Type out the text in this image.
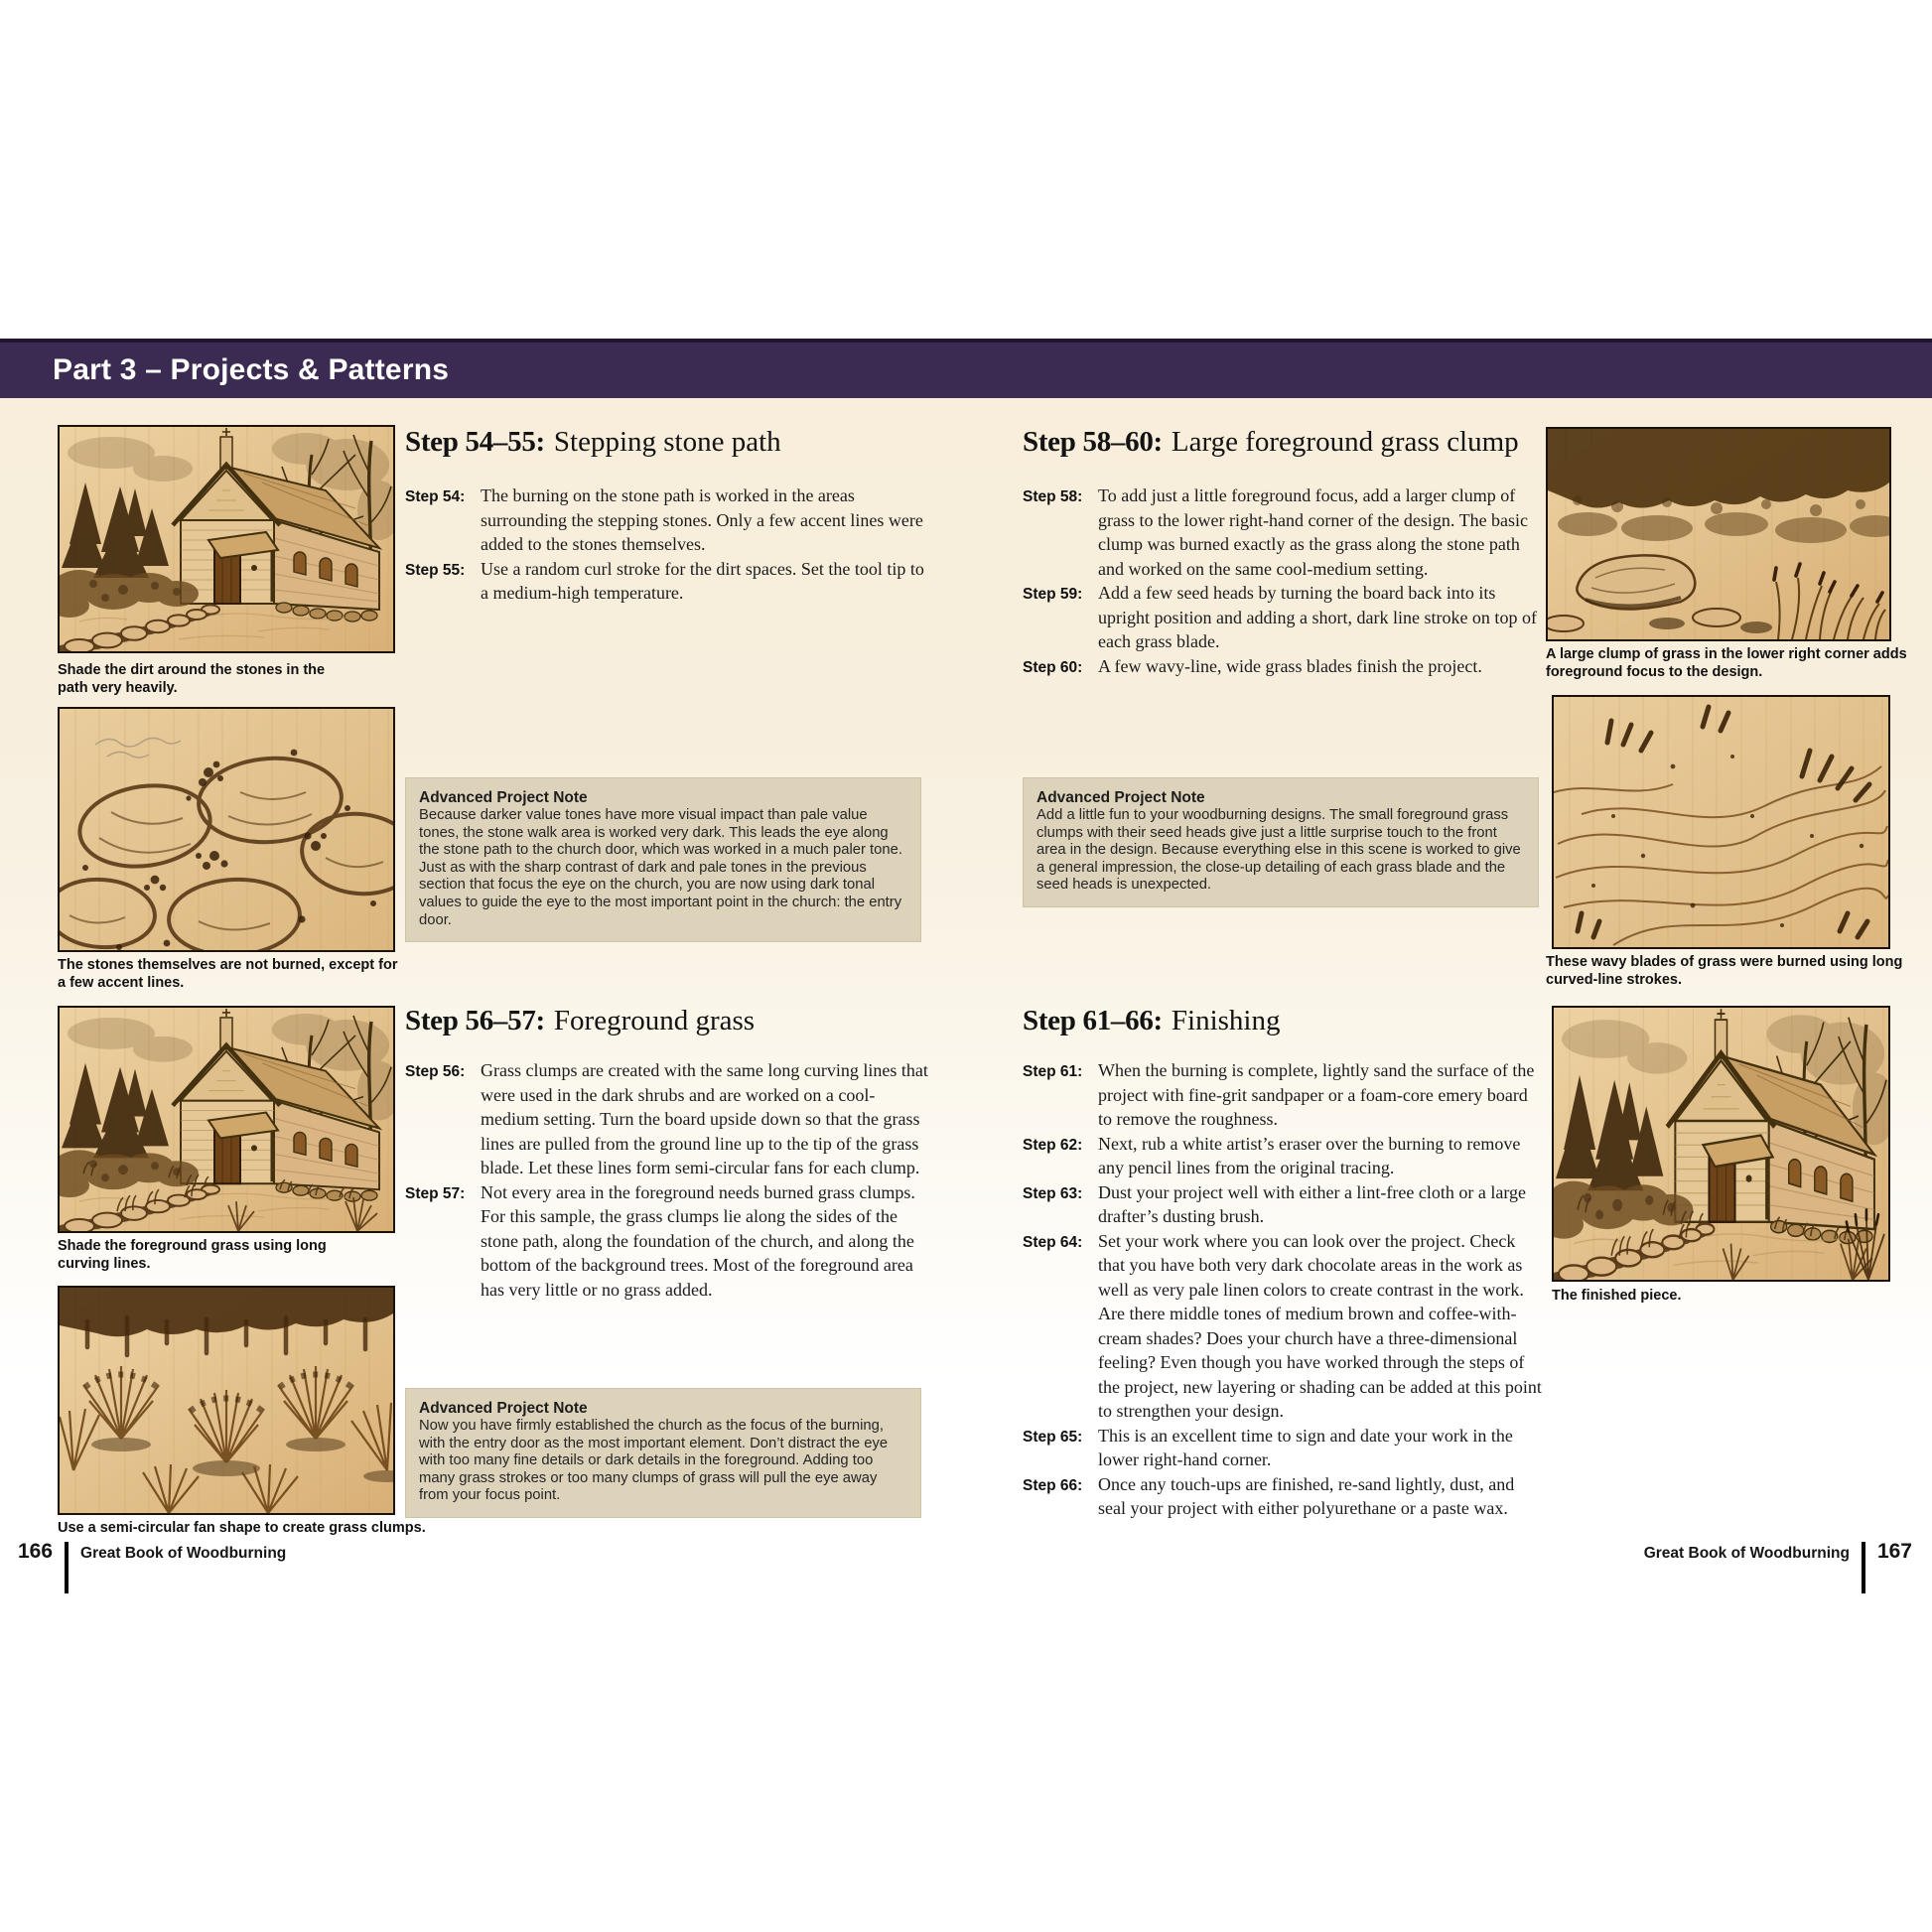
Part 3 – Projects & Patterns
Shade the dirt around the stones in the path very heavily.
The stones themselves are not burned, except for a few accent lines.
Step 54–55: Stepping stone path
Step 54: The burning on the stone path is worked in the areas surrounding the stepping stones. Only a few accent lines were added to the stones themselves.
Step 55: Use a random curl stroke for the dirt spaces. Set the tool tip to a medium-high temperature.
Advanced Project Note
Because darker value tones have more visual impact than pale value tones, the stone walk area is worked very dark. This leads the eye along the stone path to the church door, which was worked in a much paler tone. Just as with the sharp contrast of dark and pale tones in the previous section that focus the eye on the church, you are now using dark tonal values to guide the eye to the most important point in the church: the entry door.
Step 56–57: Foreground grass
Step 56: Grass clumps are created with the same long curving lines that were used in the dark shrubs and are worked on a cool-medium setting. Turn the board upside down so that the grass lines are pulled from the ground line up to the tip of the grass blade. Let these lines form semi-circular fans for each clump.
Step 57: Not every area in the foreground needs burned grass clumps. For this sample, the grass clumps lie along the sides of the stone path, along the foundation of the church, and along the bottom of the background trees. Most of the foreground area has very little or no grass added.
Advanced Project Note
Now you have firmly established the church as the focus of the burning, with the entry door as the most important element. Don’t distract the eye with too many fine details or dark details in the foreground. Adding too many grass strokes or too many clumps of grass will pull the eye away from your focus point.
Shade the foreground grass using long curving lines.
Use a semi-circular fan shape to create grass clumps.
166 Great Book of Woodburning
Step 58–60: Large foreground grass clump
Step 58: To add just a little foreground focus, add a larger clump of grass to the lower right-hand corner of the design. The basic clump was burned exactly as the grass along the stone path and worked on the same cool-medium setting.
Step 59: Add a few seed heads by turning the board back into its upright position and adding a short, dark line stroke on top of each grass blade.
Step 60: A few wavy-line, wide grass blades finish the project.
Advanced Project Note
Add a little fun to your woodburning designs. The small foreground grass clumps with their seed heads give just a little surprise touch to the front area in the design. Because everything else in this scene is worked to give a general impression, the close-up detailing of each grass blade and the seed heads is unexpected.
Step 61–66: Finishing
Step 61: When the burning is complete, lightly sand the surface of the project with fine-grit sandpaper or a foam-core emery board to remove the roughness.
Step 62: Next, rub a white artist’s eraser over the burning to remove any pencil lines from the original tracing.
Step 63: Dust your project well with either a lint-free cloth or a large drafter’s dusting brush.
Step 64: Set your work where you can look over the project. Check that you have both very dark chocolate areas in the work as well as very pale linen colors to create contrast in the work. Are there middle tones of medium brown and coffee-with-cream shades? Does your church have a three-dimensional feeling? Even though you have worked through the steps of the project, new layering or shading can be added at this point to strengthen your design.
Step 65: This is an excellent time to sign and date your work in the lower right-hand corner.
Step 66: Once any touch-ups are finished, re-sand lightly, dust, and seal your project with either polyurethane or a paste wax.
A large clump of grass in the lower right corner adds foreground focus to the design.
These wavy blades of grass were burned using long curved-line strokes.
The finished piece.
Great Book of Woodburning 167
